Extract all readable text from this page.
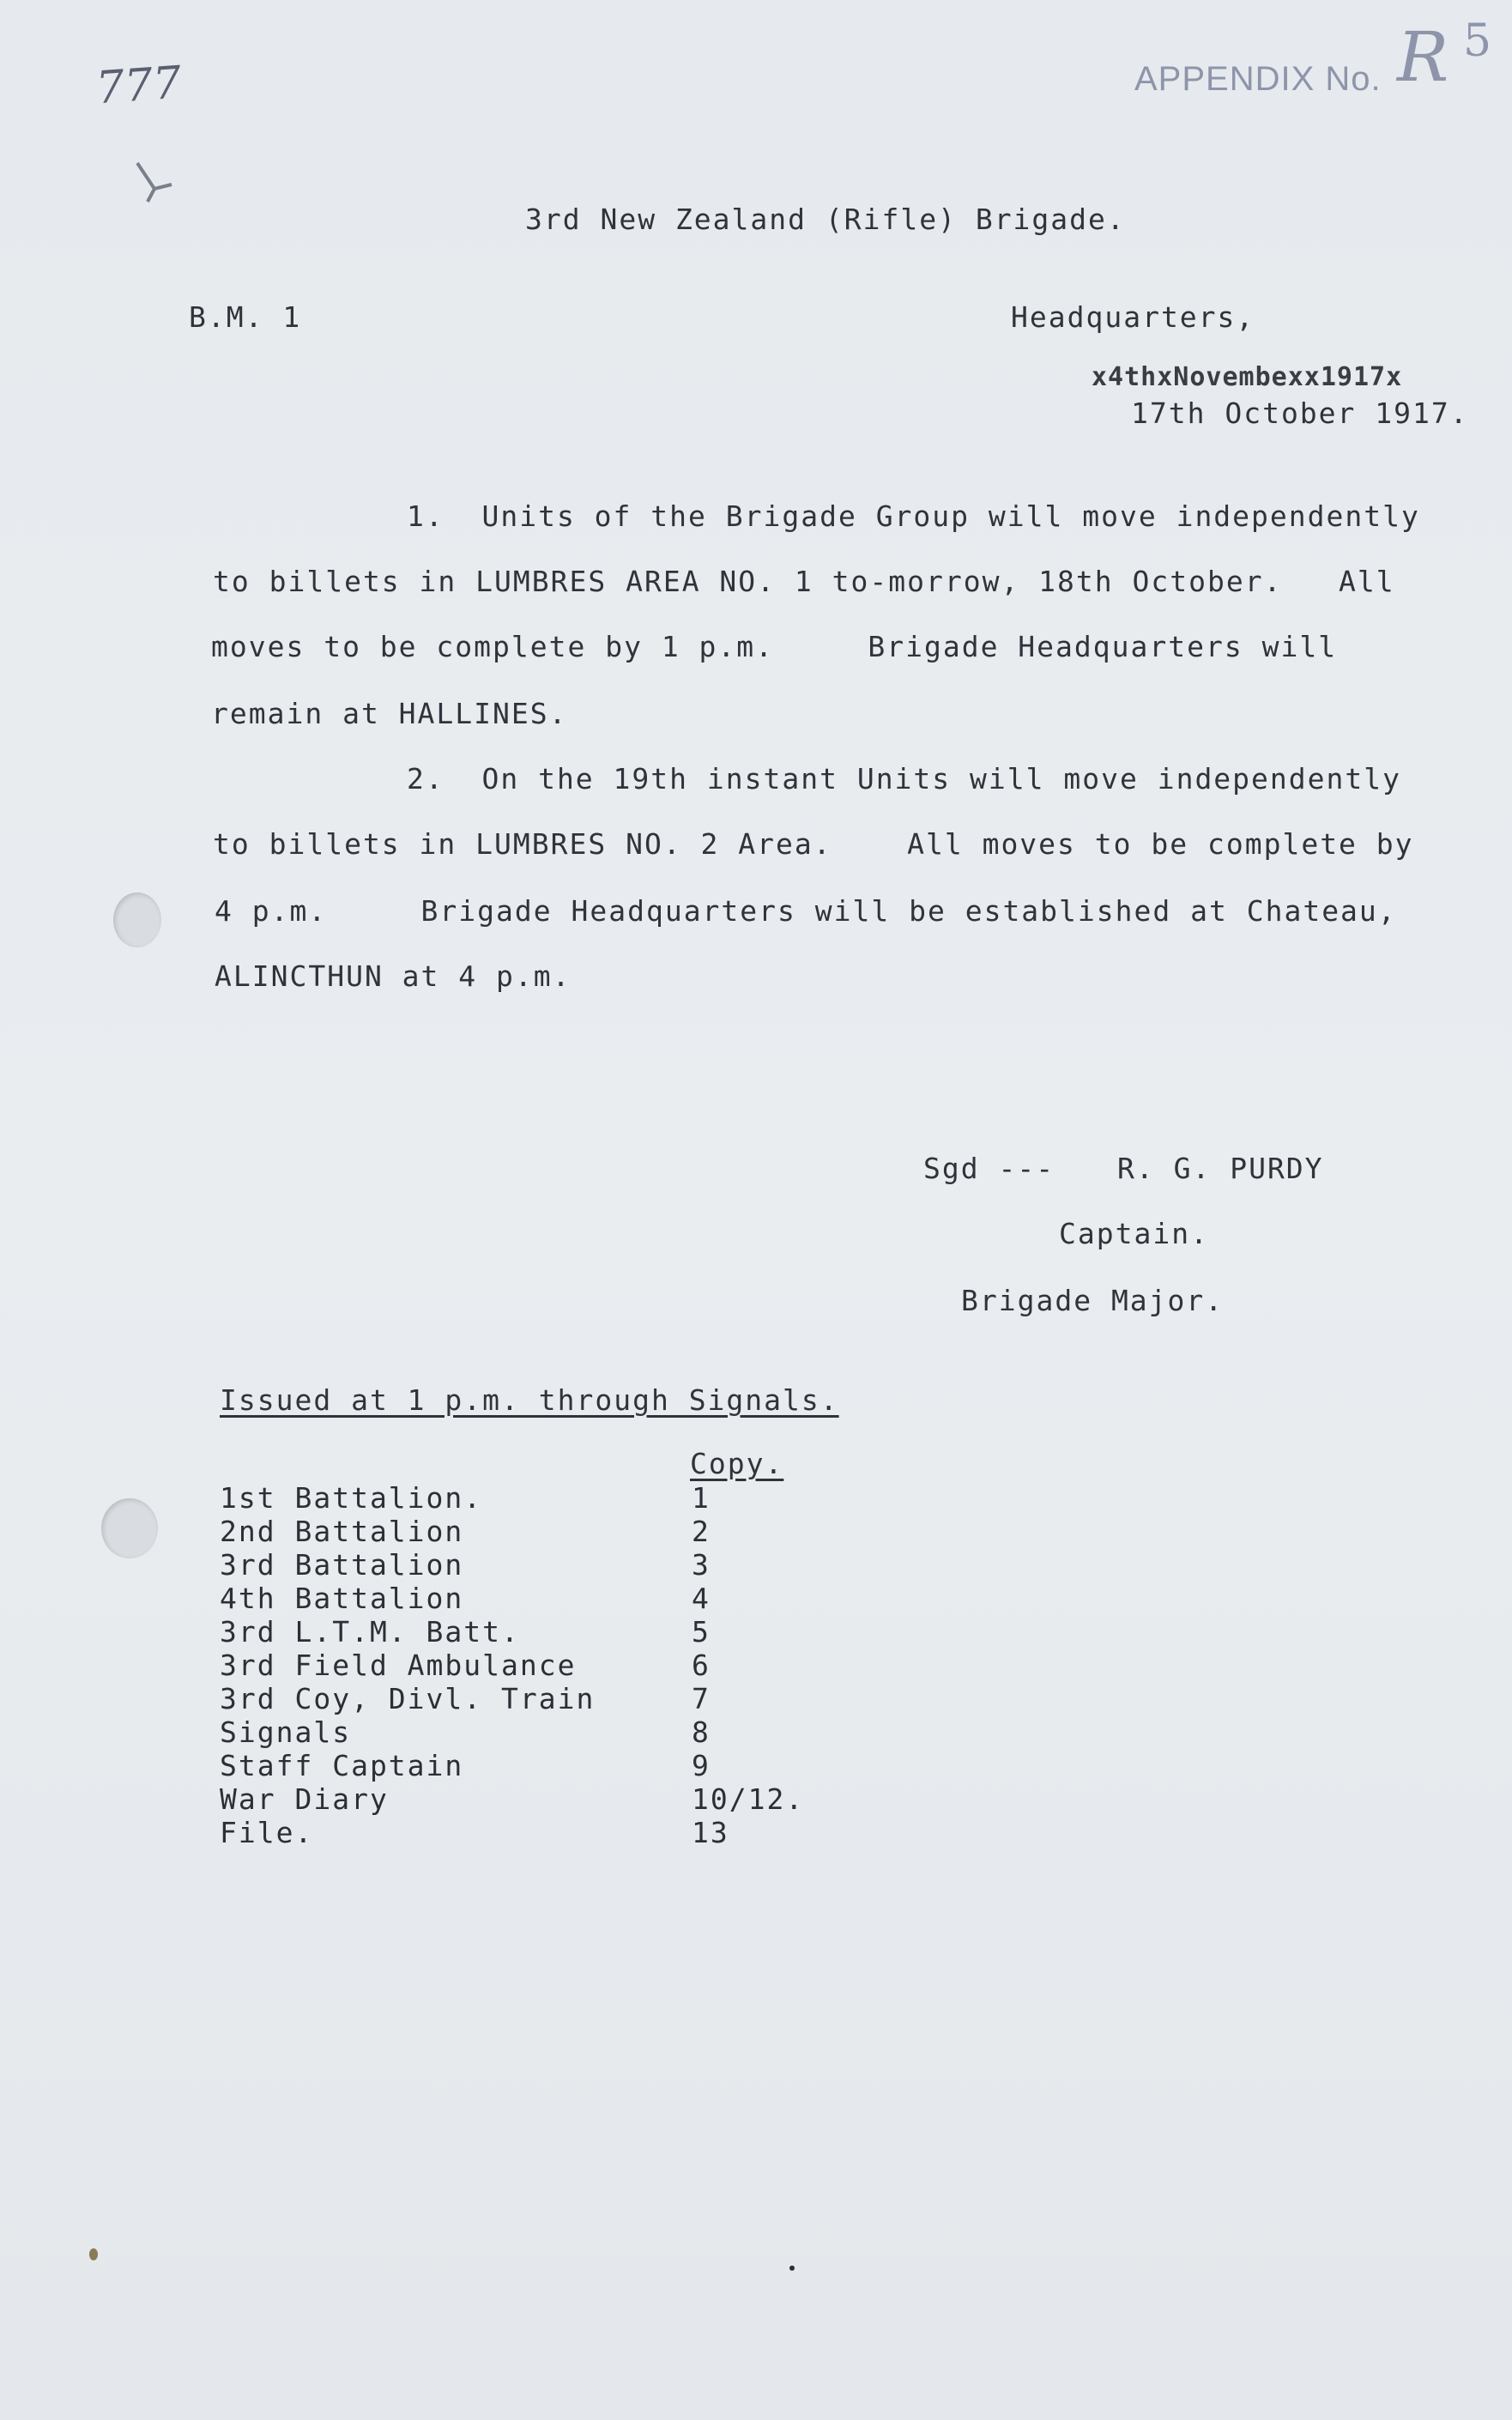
777	APPENDIX No. R 5
3rd New Zealand (Rifle) Brigade.
B.M. 1	Headquarters,
x4thxNovembexx1917x
17th October 1917.
1.  Units of the Brigade Group will move independently
to billets in LUMBRES AREA NO. 1 to-morrow, 18th October.   All
moves to be complete by 1 p.m.     Brigade Headquarters will
remain at HALLINES.
2.  On the 19th instant Units will move independently
to billets in LUMBRES NO. 2 Area.    All moves to be complete by
4 p.m.     Brigade Headquarters will be established at Chateau,
ALINCTHUN at 4 p.m.
Sgd --- R. G. PURDY
Captain.
Brigade Major.
Issued at 1 p.m. through Signals.
Copy.
1st Battalion.	1
2nd Battalion	2
3rd Battalion	3
4th Battalion	4
3rd L.T.M. Batt.	5
3rd Field Ambulance	6
3rd Coy, Divl. Train	7
Signals	8
Staff Captain	9
War Diary	10/12.
File.	13
